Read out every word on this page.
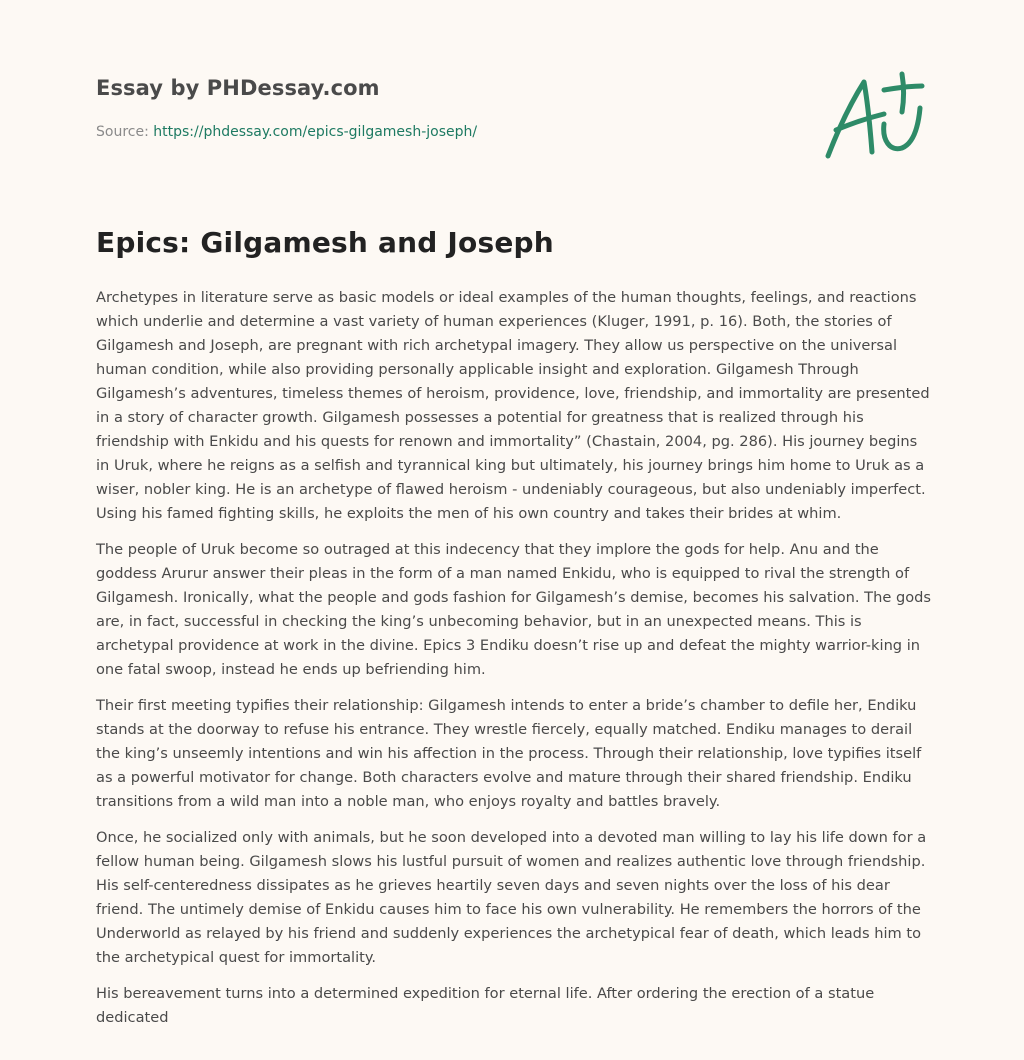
Essay by PHDessay.com
Source: https://phdessay.com/epics-gilgamesh-joseph/
Epics: Gilgamesh and Joseph

Archetypes in literature serve as basic models or ideal examples of the human thoughts, feelings, and reactions which underlie and determine a vast variety of human experiences (Kluger, 1991, p. 16). Both, the stories of Gilgamesh and Joseph, are pregnant with rich archetypal imagery. They allow us perspective on the universal human condition, while also providing personally applicable insight and exploration. Gilgamesh Through Gilgamesh’s adventures, timeless themes of heroism, providence, love, friendship, and immortality are presented in a story of character growth. Gilgamesh possesses a potential for greatness that is realized through his friendship with Enkidu and his quests for renown and immortality” (Chastain, 2004, pg. 286). His journey begins in Uruk, where he reigns as a selfish and tyrannical king but ultimately, his journey brings him home to Uruk as a wiser, nobler king. He is an archetype of flawed heroism - undeniably courageous, but also undeniably imperfect. Using his famed fighting skills, he exploits the men of his own country and takes their brides at whim.

The people of Uruk become so outraged at this indecency that they implore the gods for help. Anu and the goddess Arurur answer their pleas in the form of a man named Enkidu, who is equipped to rival the strength of Gilgamesh. Ironically, what the people and gods fashion for Gilgamesh’s demise, becomes his salvation. The gods are, in fact, successful in checking the king’s unbecoming behavior, but in an unexpected means. This is archetypal providence at work in the divine. Epics 3 Endiku doesn’t rise up and defeat the mighty warrior-king in one fatal swoop, instead he ends up befriending him.

Their first meeting typifies their relationship: Gilgamesh intends to enter a bride’s chamber to defile her, Endiku stands at the doorway to refuse his entrance. They wrestle fiercely, equally matched. Endiku manages to derail the king’s unseemly intentions and win his affection in the process. Through their relationship, love typifies itself as a powerful motivator for change. Both characters evolve and mature through their shared friendship. Endiku transitions from a wild man into a noble man, who enjoys royalty and battles bravely.

Once, he socialized only with animals, but he soon developed into a devoted man willing to lay his life down for a fellow human being. Gilgamesh slows his lustful pursuit of women and realizes authentic love through friendship. His self-centeredness dissipates as he grieves heartily seven days and seven nights over the loss of his dear friend. The untimely demise of Enkidu causes him to face his own vulnerability. He remembers the horrors of the Underworld as relayed by his friend and suddenly experiences the archetypical fear of death, which leads him to the archetypical quest for immortality.

His bereavement turns into a determined expedition for eternal life. After ordering the erection of a statue dedicated
